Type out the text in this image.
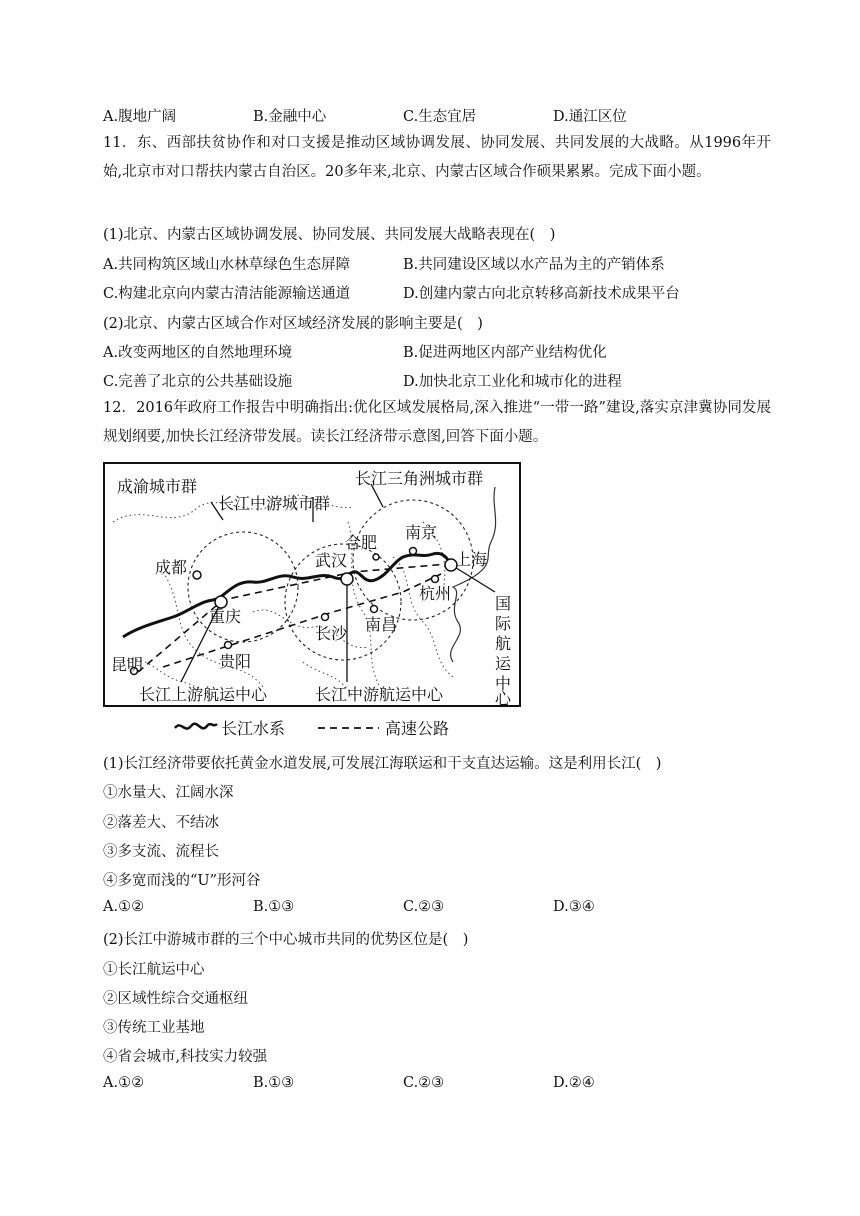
A.腹地广阔	B.金融中心	C.生态宜居	D.通江区位
11．东、西部扶贫协作和对口支援是推动区域协调发展、协同发展、共同发展的大战略。从1996年开始,北京市对口帮扶内蒙古自治区。20多年来,北京、内蒙古区域合作硕果累累。完成下面小题。
(1)北京、内蒙古区域协调发展、协同发展、共同发展大战略表现在(　)
A.共同构筑区域山水林草绿色生态屏障	B.共同建设区域以水产品为主的产销体系
C.构建北京向内蒙古清洁能源输送通道	D.创建内蒙古向北京转移高新技术成果平台
(2)北京、内蒙古区域合作对区域经济发展的影响主要是(　)
A.改变两地区的自然地理环境	B.促进两地区内部产业结构优化
C.完善了北京的公共基础设施	D.加快北京工业化和城市化的进程
12．2016年政府工作报告中明确指出:优化区域发展格局,深入推进“一带一路”建设,落实京津冀协同发展规划纲要,加快长江经济带发展。读长江经济带示意图,回答下面小题。
成渝城市群
长江中游城市群
长江三角洲城市群
成都
重庆
昆明	贵阳
武汉
长沙 南昌
合肥
南京
上海
杭州
国
际
航
运
中
心
长江上游航运中心	长江中游航运中心
长江水系	高速公路
(1)长江经济带要依托黄金水道发展,可发展江海联运和干支直达运输。这是利用长江(　)
①水量大、江阔水深
②落差大、不结冰
③多支流、流程长
④多宽而浅的“U”形河谷
A.①②	B.①③	C.②③	D.③④
(2)长江中游城市群的三个中心城市共同的优势区位是(　)
①长江航运中心
②区域性综合交通枢纽
③传统工业基地
④省会城市,科技实力较强
A.①②	B.①③	C.②③	D.②④
